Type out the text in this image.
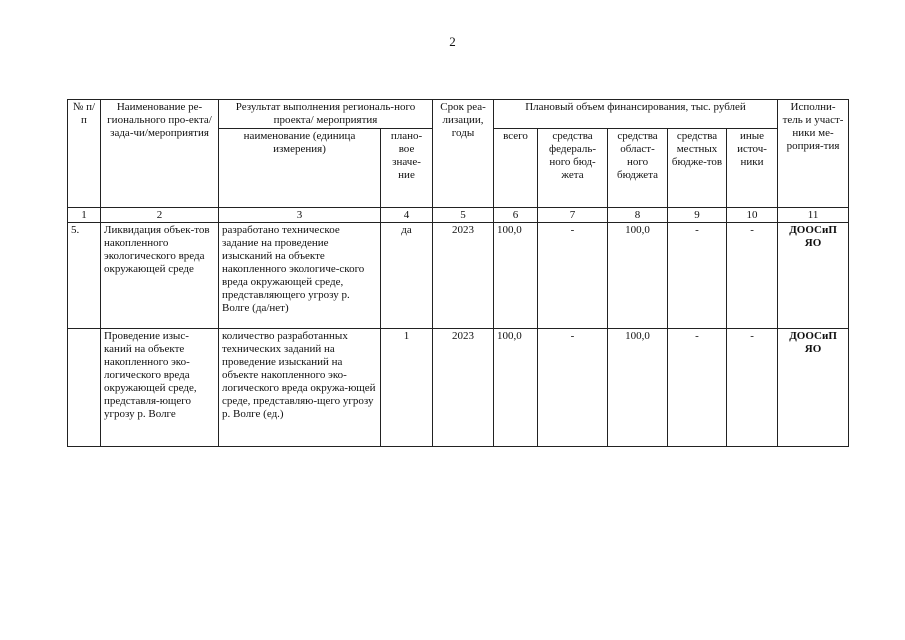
2
№ п/п	Наименование ре-гионального про-екта/зада-чи/мероприятия	Результат выполнения региональ-ного проекта/ мероприятия		Срок реа-лизации, годы	Плановый объем финансирования, тыс. рублей					Исполни-тель и участ-ники ме-роприя-тия
		наименование (единица измерения)	плано-вое значе-ние		всего	средства федераль-ного бюд-жета	средства област-ного бюджета	средства местных бюдже-тов	иные источ-ники	
1	2	3	4	5	6	7	8	9	10	11
5.	Ликвидация объек-тов накопленного экологического вреда окружающей среде	разработано техническое задание на проведение изысканий на объекте накопленного экологиче-ского вреда окружающей среде, представляющего угрозу р. Волге (да/нет)	да	2023	100,0	-	100,0	-	-	ДООСиП ЯО
	Проведение изыс-каний на объекте накопленного эко-логического вреда окружающей среде, представля-ющего угрозу р. Волге	количество разработанных технических заданий на проведение изысканий на объекте накопленного эко-логического вреда окружа-ющей среде, представляю-щего угрозу р. Волге (ед.)	1	2023	100,0	-	100,0	-	-	ДООСиП ЯО
